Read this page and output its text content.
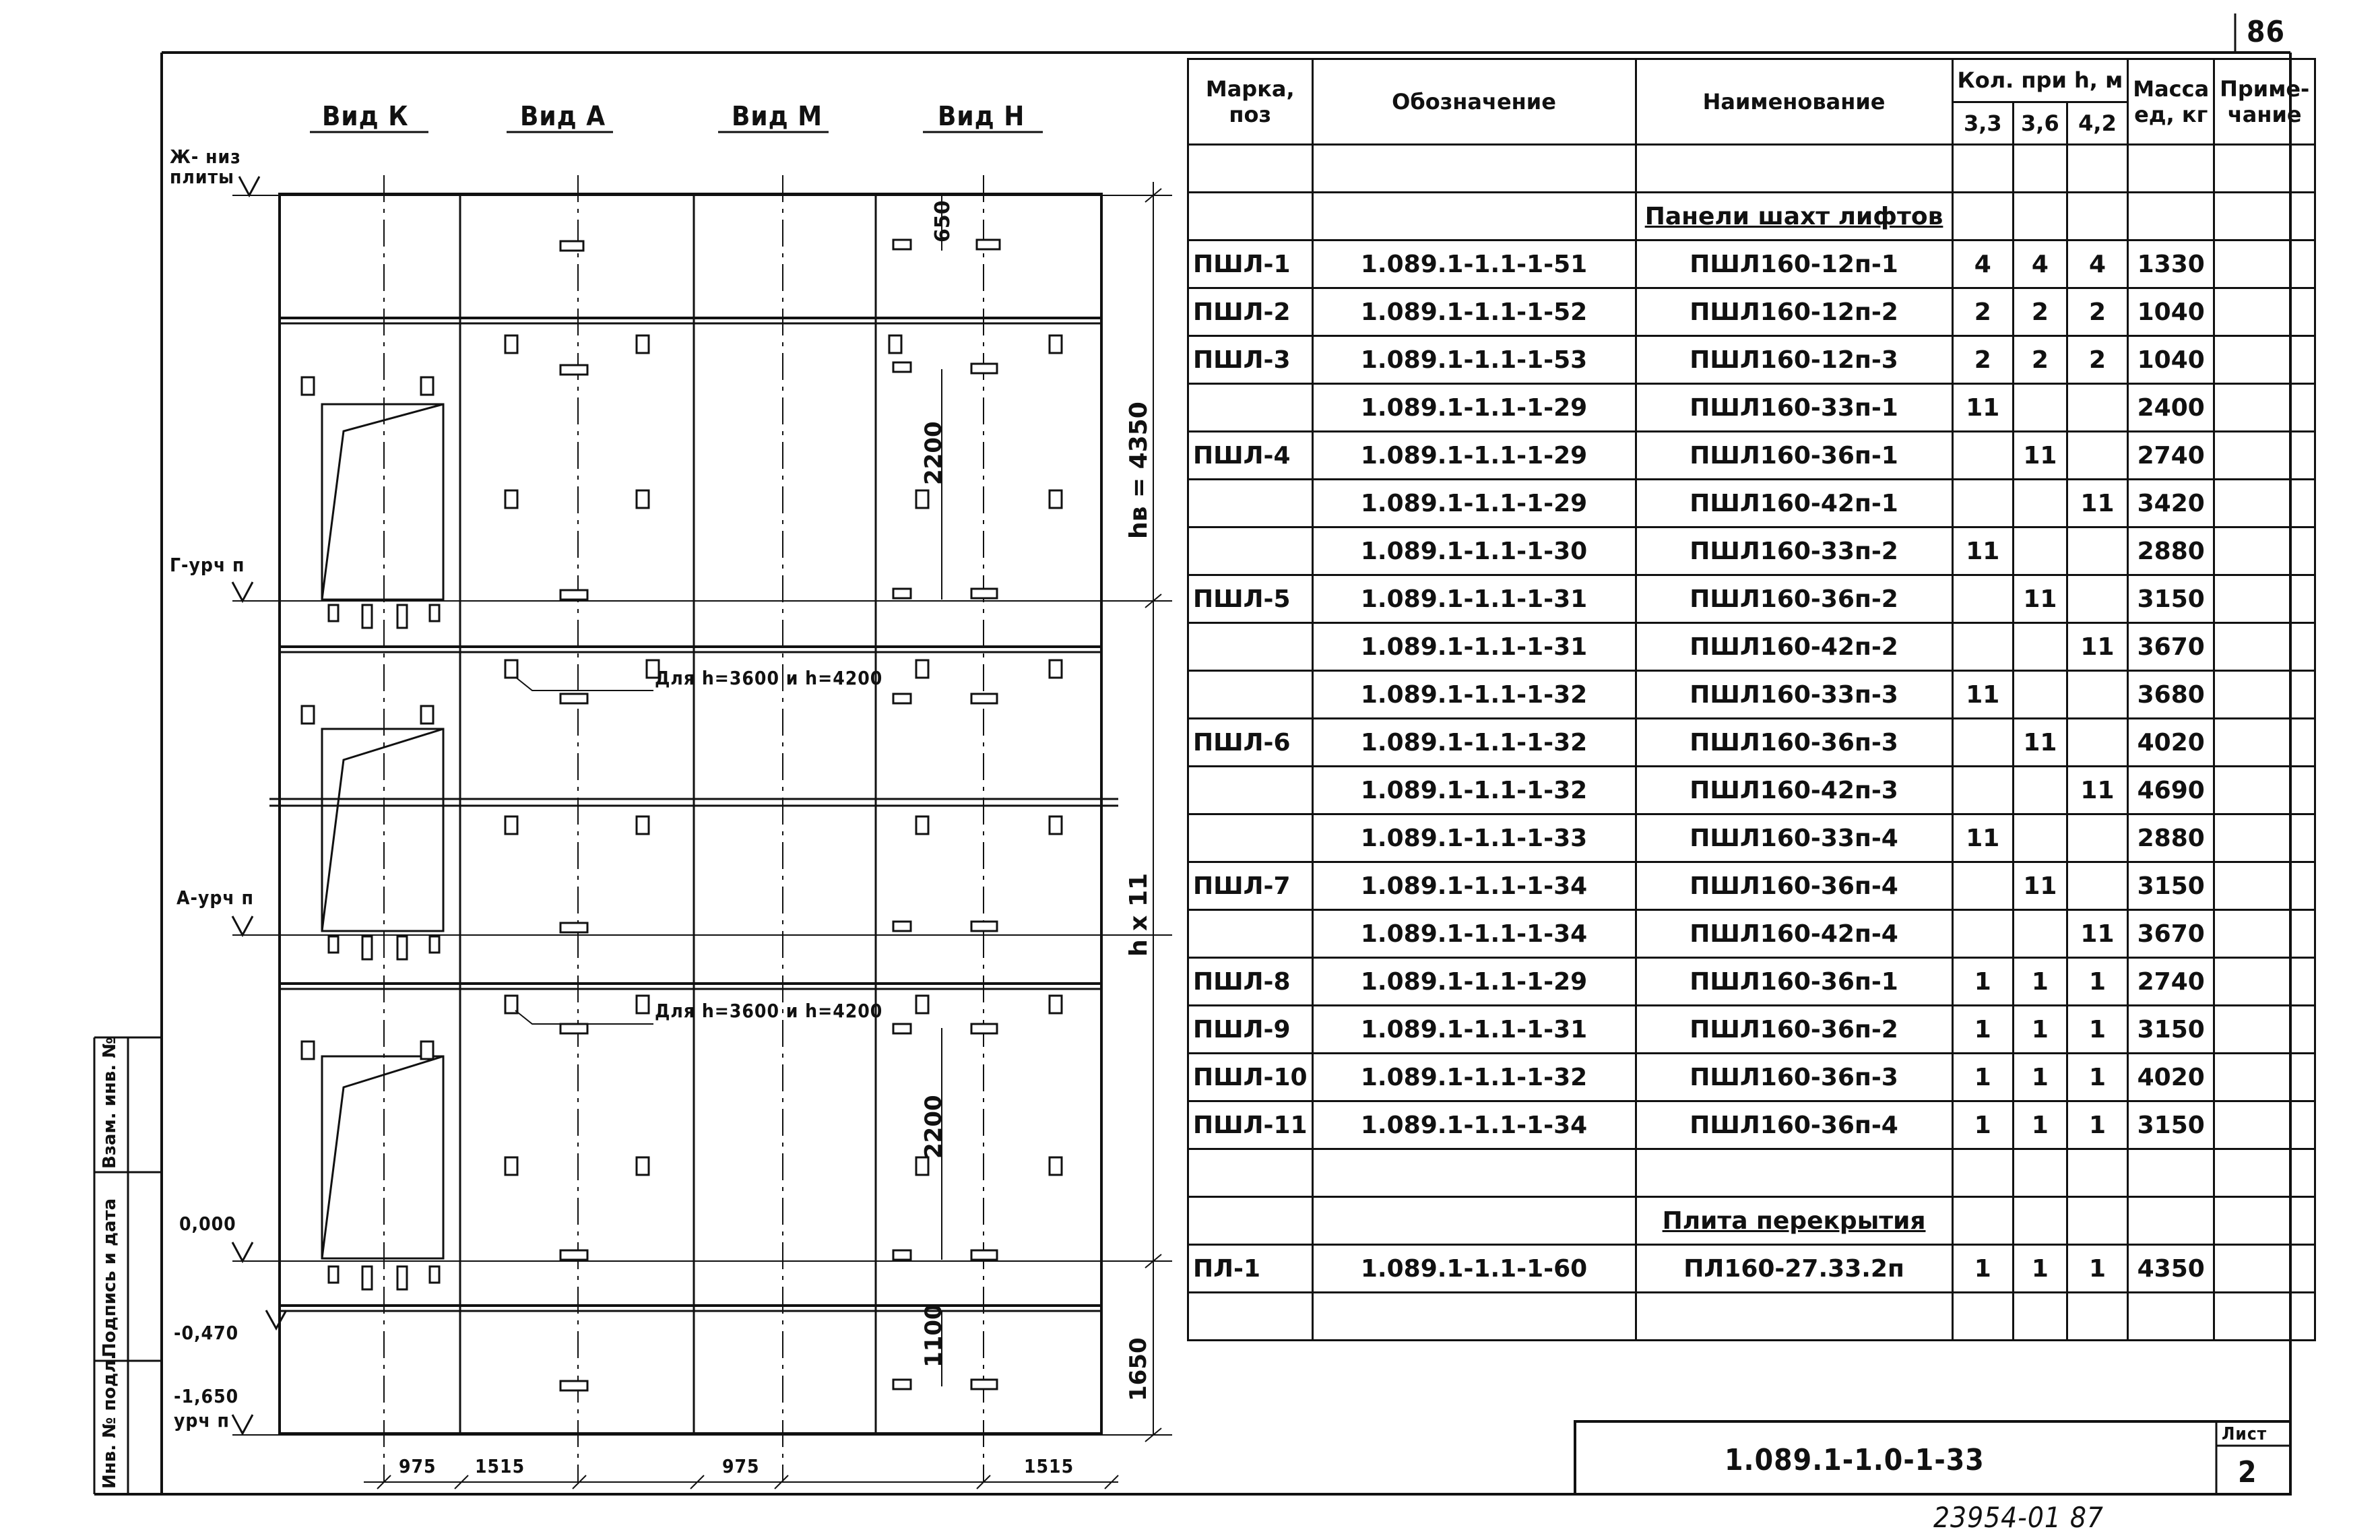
86
Вид К	Вид А	Вид М	Вид Н
Ж- низ плиты
Г-урч п
А-урч п
0,000
-0,470
-1,650
урч п
650
2200
2200
1100
hв = 4350
h x 11
1650
975 1515	975	1515
Для h=3600 и h=4200
Для h=3600 и h=4200
Инв. № подл.
Подпись и дата
Взам. инв. №
Марка, поз	Обозначение	Наименование	Кол. при h, м			Масса ед, кг	Приме- чание
			3,3	3,6	4,2		

		Панели шахт лифтов					
ПШЛ-1	1.089.1-1.1-1-51	ПШЛ160-12п-1	4	4	4	1330	
ПШЛ-2	1.089.1-1.1-1-52	ПШЛ160-12п-2	2	2	2	1040	
ПШЛ-3	1.089.1-1.1-1-53	ПШЛ160-12п-3	2	2	2	1040	
	1.089.1-1.1-1-29	ПШЛ160-33п-1	11			2400	
ПШЛ-4	1.089.1-1.1-1-29	ПШЛ160-36п-1		11		2740	
	1.089.1-1.1-1-29	ПШЛ160-42п-1			11	3420	
	1.089.1-1.1-1-30	ПШЛ160-33п-2	11			2880	
ПШЛ-5	1.089.1-1.1-1-31	ПШЛ160-36п-2		11		3150	
	1.089.1-1.1-1-31	ПШЛ160-42п-2			11	3670	
	1.089.1-1.1-1-32	ПШЛ160-33п-3	11			3680	
ПШЛ-6	1.089.1-1.1-1-32	ПШЛ160-36п-3		11		4020	
	1.089.1-1.1-1-32	ПШЛ160-42п-3			11	4690	
	1.089.1-1.1-1-33	ПШЛ160-33п-4	11			2880	
ПШЛ-7	1.089.1-1.1-1-34	ПШЛ160-36п-4		11		3150	
	1.089.1-1.1-1-34	ПШЛ160-42п-4			11	3670	
ПШЛ-8	1.089.1-1.1-1-29	ПШЛ160-36п-1	1	1	1	2740	
ПШЛ-9	1.089.1-1.1-1-31	ПШЛ160-36п-2	1	1	1	3150	
ПШЛ-10	1.089.1-1.1-1-32	ПШЛ160-36п-3	1	1	1	4020	
ПШЛ-11	1.089.1-1.1-1-34	ПШЛ160-36п-4	1	1	1	3150	

		Плита перекрытия					
ПЛ-1	1.089.1-1.1-1-60	ПЛ160-27.33.2п	1	1	1	4350	

1.089.1-1.0-1-33
Лист
2
23954-01 87
